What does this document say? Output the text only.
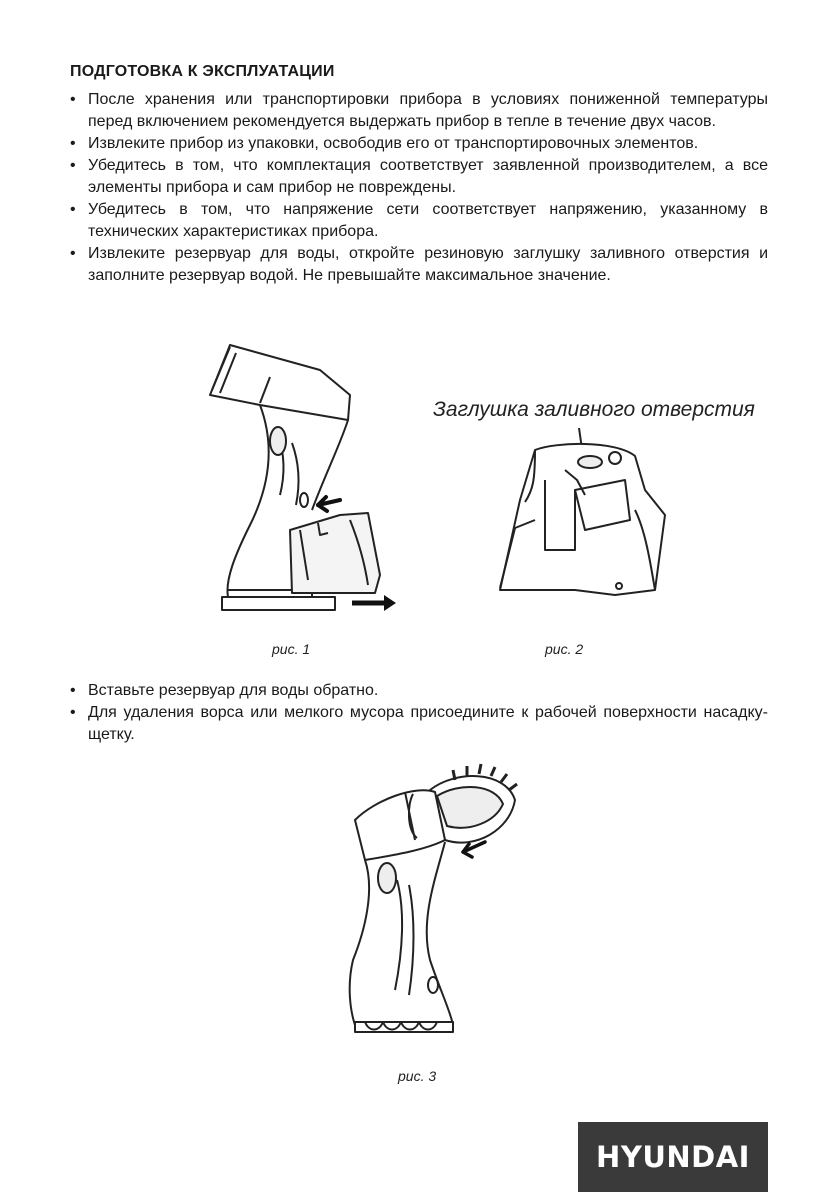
ПОДГОТОВКА К ЭКСПЛУАТАЦИИ
• После хранения или транспортировки прибора в условиях пониженной температуры перед включением рекомендуется выдержать прибор в тепле в течение двух часов.
• Извлеките прибор из упаковки, освободив его от транспортировочных элементов.
• Убедитесь в том, что комплектация соответствует заявленной производителем, а все элементы прибора и сам прибор не повреждены.
• Убедитесь в том, что напряжение сети соответствует напряжению, указанному в технических характеристиках прибора.
• Извлеките резервуар для воды, откройте резиновую заглушку заливного отверстия и заполните резервуар водой. Не превышайте максимальное значение.
Заглушка заливного отверстия
рис. 1	рис. 2
• Вставьте резервуар для воды обратно.
• Для удаления ворса или мелкого мусора присоедините к рабочей поверхности насадку-щетку.
рис. 3
HYUNDAI
